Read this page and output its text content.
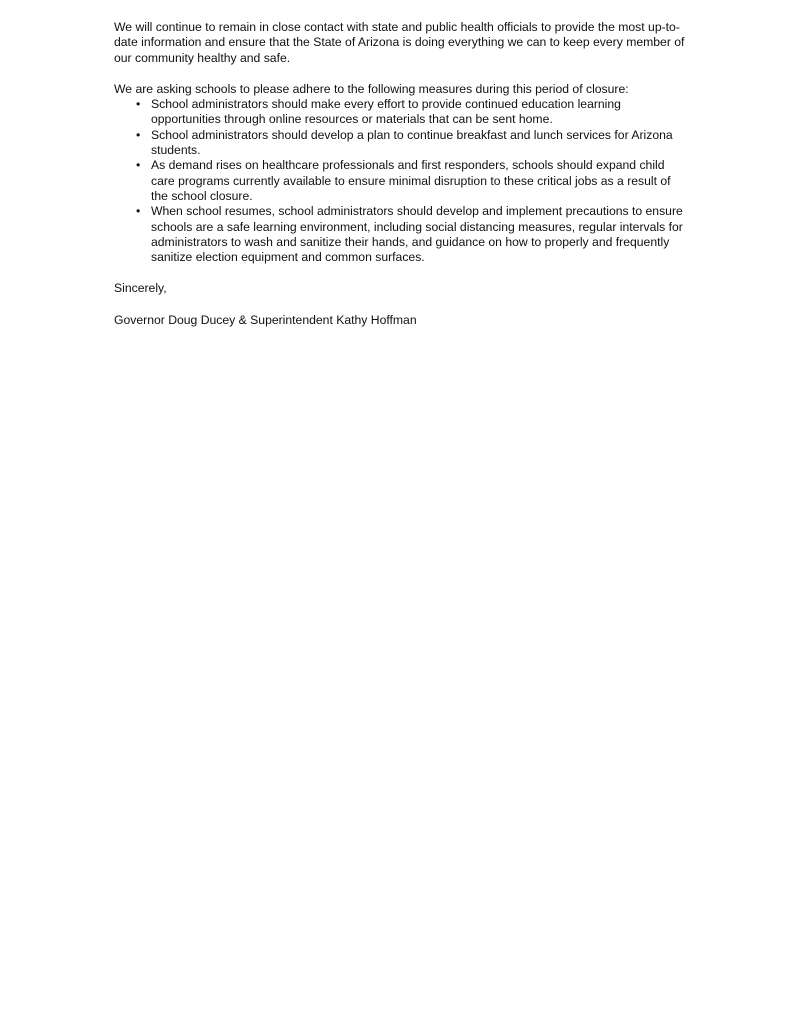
We will continue to remain in close contact with state and public health officials to provide the most up-to-date information and ensure that the State of Arizona is doing everything we can to keep every member of our community healthy and safe.

We are asking schools to please adhere to the following measures during this period of closure:

• School administrators should make every effort to provide continued education learning opportunities through online resources or materials that can be sent home.
• School administrators should develop a plan to continue breakfast and lunch services for Arizona students.
• As demand rises on healthcare professionals and first responders, schools should expand child care programs currently available to ensure minimal disruption to these critical jobs as a result of the school closure.
• When school resumes, school administrators should develop and implement precautions to ensure schools are a safe learning environment, including social distancing measures, regular intervals for administrators to wash and sanitize their hands, and guidance on how to properly and frequently sanitize election equipment and common surfaces.

Sincerely,

Governor Doug Ducey & Superintendent Kathy Hoffman
